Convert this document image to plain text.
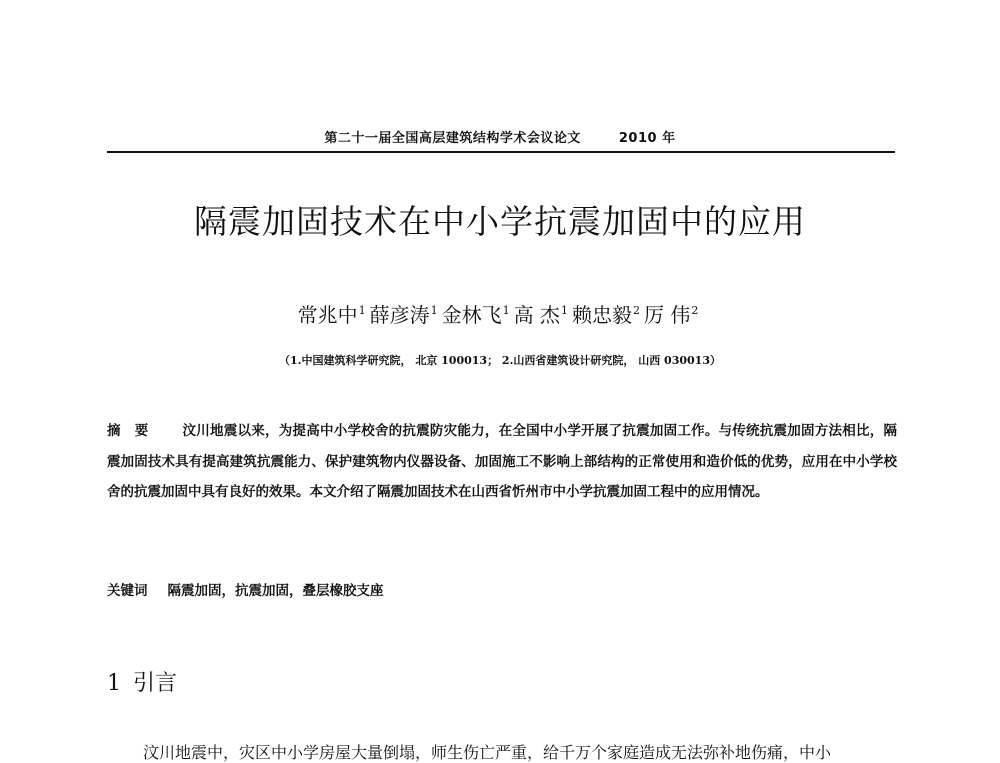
第二十一届全国高层建筑结构学术会议论文	2010 年
隔震加固技术在中小学抗震加固中的应用
常兆中$^1$ 薛彦涛$^1$ 金林飞$^1$ 高 杰$^1$ 赖忠毅$^2$ 厉 伟$^2$
（1.中国建筑科学研究院， 北京 100013； 2.山西省建筑设计研究院， 山西 030013）
摘要 汶川地震以来，为提高中小学校舍的抗震防灾能力，在全国中小学开展了抗震加固工作。与传统抗震加固方法相比，隔震加固技术具有提高建筑抗震能力、保护建筑物内仪器设备、加固施工不影响上部结构的正常使用和造价低的优势，应用在中小学校舍的抗震加固中具有良好的效果。本文介绍了隔震加固技术在山西省忻州市中小学抗震加固工程中的应用情况。
关键词 隔震加固，抗震加固，叠层橡胶支座
1 引言
汶川地震中，灾区中小学房屋大量倒塌，师生伤亡严重，给千万个家庭造成无法弥补地伤痛，中小
